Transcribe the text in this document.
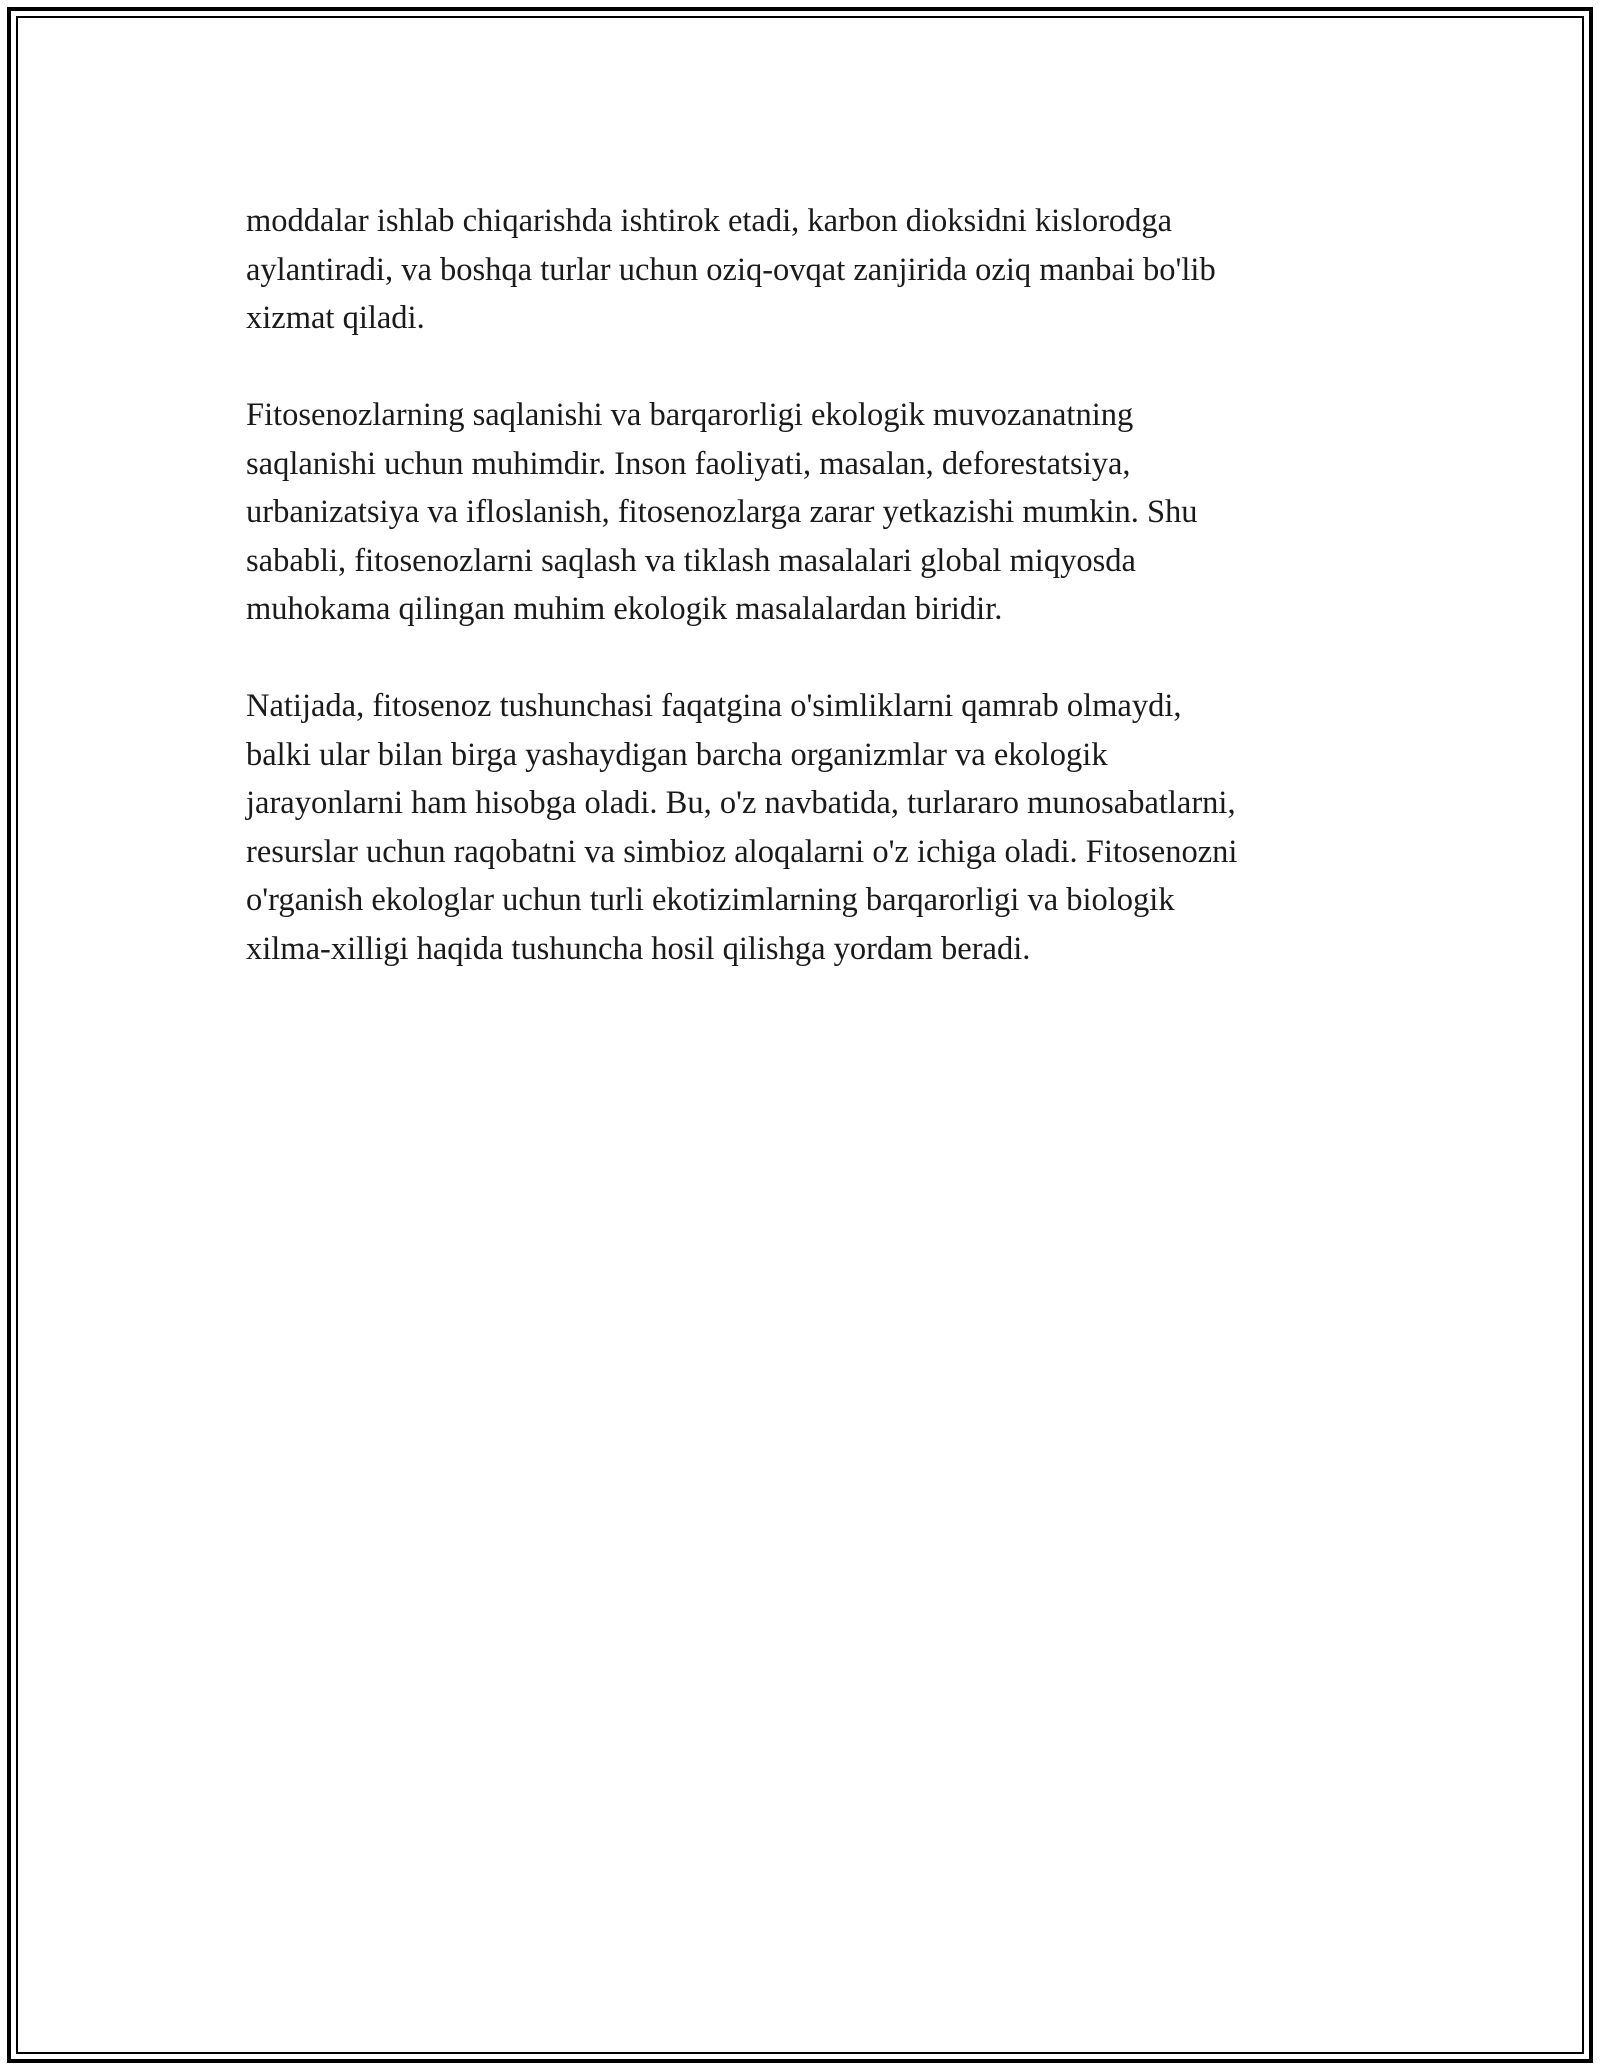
moddalar ishlab chiqarishda ishtirok etadi, karbon dioksidni kislorodga
aylantiradi, va boshqa turlar uchun oziq-ovqat zanjirida oziq manbai bo'lib
xizmat qiladi.

Fitosenozlarning saqlanishi va barqarorligi ekologik muvozanatning
saqlanishi uchun muhimdir. Inson faoliyati, masalan, deforestatsiya,
urbanizatsiya va ifloslanish, fitosenozlarga zarar yetkazishi mumkin. Shu
sababli, fitosenozlarni saqlash va tiklash masalalari global miqyosda
muhokama qilingan muhim ekologik masalalardan biridir.

Natijada, fitosenoz tushunchasi faqatgina o'simliklarni qamrab olmaydi,
balki ular bilan birga yashaydigan barcha organizmlar va ekologik
jarayonlarni ham hisobga oladi. Bu, o'z navbatida, turlararo munosabatlarni,
resurslar uchun raqobatni va simbioz aloqalarni o'z ichiga oladi. Fitosenozni
o'rganish ekologlar uchun turli ekotizimlarning barqarorligi va biologik
xilma-xilligi haqida tushuncha hosil qilishga yordam beradi.
